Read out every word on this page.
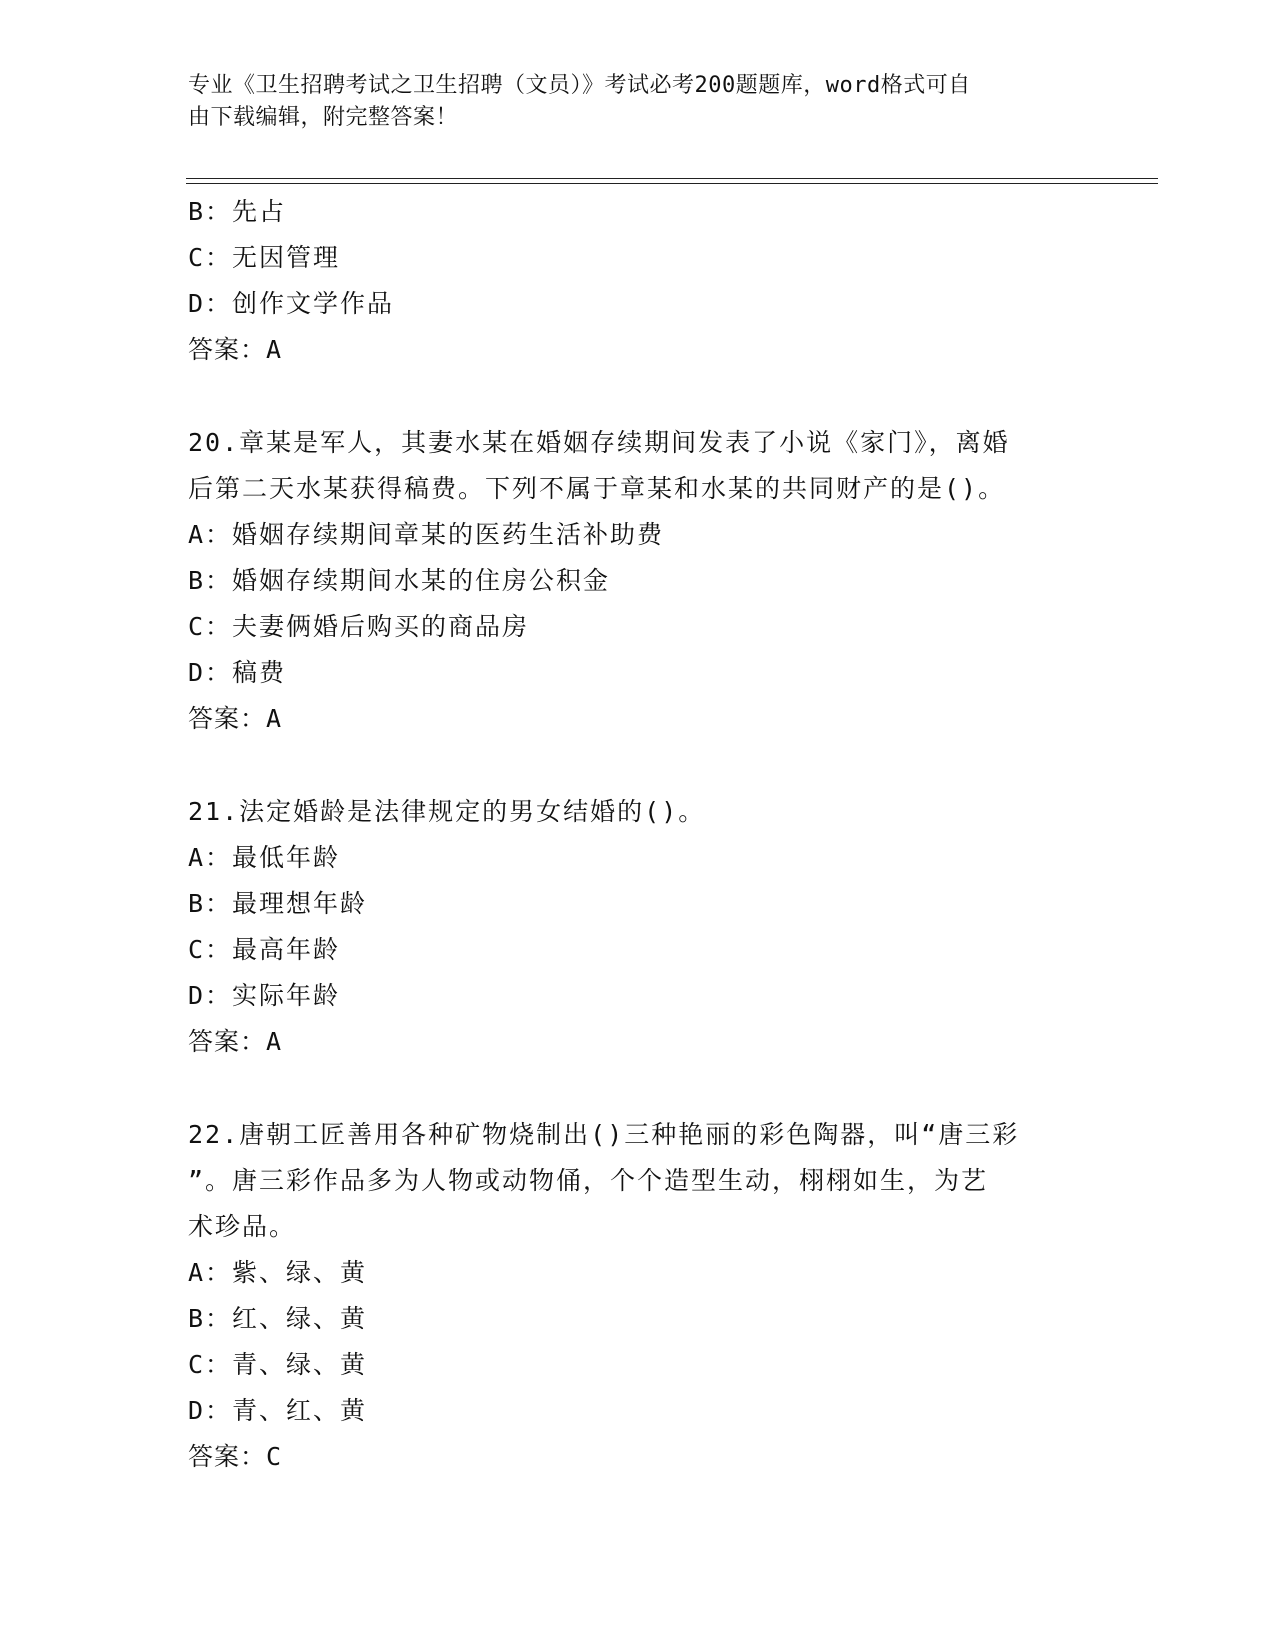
专业《卫生招聘考试之卫生招聘（文员）》考试必考200题题库，word格式可自
由下载编辑，附完整答案！
B：先占
C：无因管理
D：创作文学作品
答案：A
20.章某是军人，其妻水某在婚姻存续期间发表了小说《家门》，离婚
后第二天水某获得稿费。下列不属于章某和水某的共同财产的是()。
A：婚姻存续期间章某的医药生活补助费
B：婚姻存续期间水某的住房公积金
C：夫妻俩婚后购买的商品房
D：稿费
答案：A
21.法定婚龄是法律规定的男女结婚的()。
A：最低年龄
B：最理想年龄
C：最高年龄
D：实际年龄
答案：A
22.唐朝工匠善用各种矿物烧制出()三种艳丽的彩色陶器，叫“唐三彩
”。唐三彩作品多为人物或动物俑，个个造型生动，栩栩如生，为艺
术珍品。
A：紫、绿、黄
B：红、绿、黄
C：青、绿、黄
D：青、红、黄
答案：C
